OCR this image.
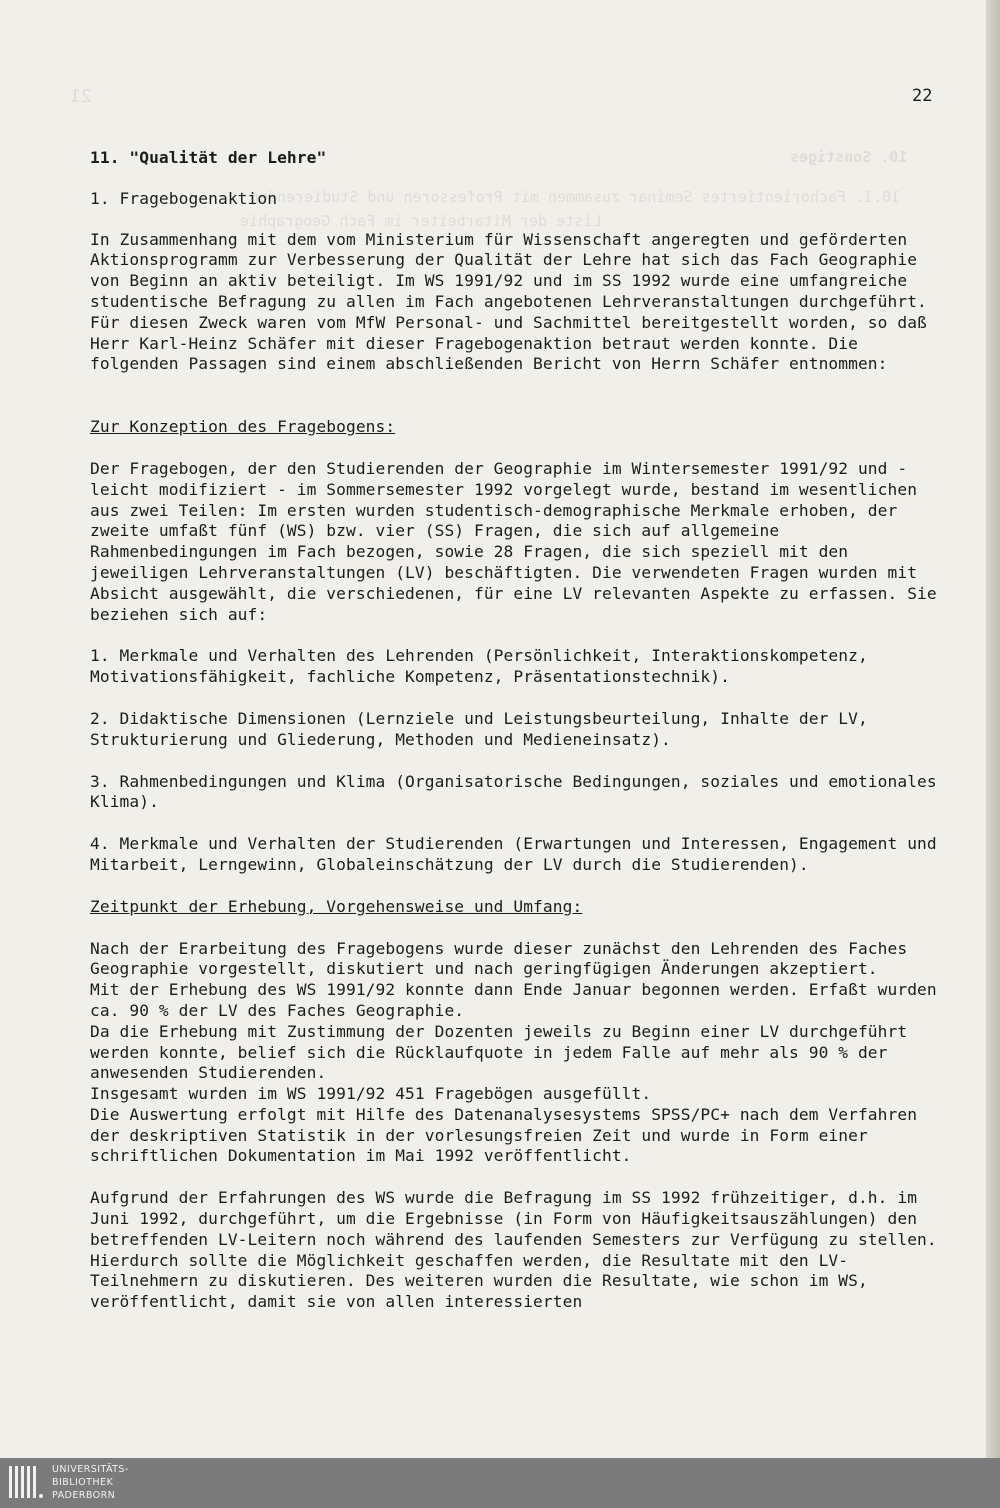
21
10. Sonstiges
10.1. Fachorientiertes Seminar zusammen mit Professoren und Studierenden
Liste der Mitarbeiter im Fach Geographie
22

11. "Qualität der Lehre"

1. Fragebogenaktion

In Zusammenhang mit dem vom Ministerium für Wissenschaft angeregten und geförderten Aktionsprogramm zur Verbesserung der Qualität der Lehre hat sich das Fach Geographie von Beginn an aktiv beteiligt. Im WS 1991/92 und im SS 1992 wurde eine umfangreiche studentische Befragung zu allen im Fach angebotenen Lehrveranstaltungen durchgeführt. Für diesen Zweck waren vom MfW Personal- und Sachmittel bereitgestellt worden, so daß Herr Karl-Heinz Schäfer mit dieser Fragebogenaktion betraut werden konnte. Die folgenden Passagen sind einem abschließenden Bericht von Herrn Schäfer entnommen:

Zur Konzeption des Fragebogens:

Der Fragebogen, der den Studierenden der Geographie im Wintersemester 1991/92 und - leicht modifiziert - im Sommersemester 1992 vorgelegt wurde, bestand im wesentlichen aus zwei Teilen: Im ersten wurden studentisch-demographische Merkmale erhoben, der zweite umfaßt fünf (WS) bzw. vier (SS) Fragen, die sich auf allgemeine Rahmenbedingungen im Fach bezogen, sowie 28 Fragen, die sich speziell mit den jeweiligen Lehrveranstaltungen (LV) beschäftigten. Die verwendeten Fragen wurden mit Absicht ausgewählt, die verschiedenen, für eine LV relevanten Aspekte zu erfassen. Sie beziehen sich auf:

1. Merkmale und Verhalten des Lehrenden (Persönlichkeit, Interaktionskompetenz, Motivationsfähigkeit, fachliche Kompetenz, Präsentationstechnik).

2. Didaktische Dimensionen (Lernziele und Leistungsbeurteilung, Inhalte der LV, Strukturierung und Gliederung, Methoden und Medieneinsatz).

3. Rahmenbedingungen und Klima (Organisatorische Bedingungen, soziales und emotionales Klima).

4. Merkmale und Verhalten der Studierenden (Erwartungen und Interessen, Engagement und Mitarbeit, Lerngewinn, Globaleinschätzung der LV durch die Studierenden).

Zeitpunkt der Erhebung, Vorgehensweise und Umfang:

Nach der Erarbeitung des Fragebogens wurde dieser zunächst den Lehrenden des Faches Geographie vorgestellt, diskutiert und nach geringfügigen Änderungen akzeptiert.

Mit der Erhebung des WS 1991/92 konnte dann Ende Januar begonnen werden. Erfaßt wurden ca. 90 % der LV des Faches Geographie.

Da die Erhebung mit Zustimmung der Dozenten jeweils zu Beginn einer LV durchgeführt werden konnte, belief sich die Rücklaufquote in jedem Falle auf mehr als 90 % der anwesenden Studierenden.

Insgesamt wurden im WS 1991/92 451 Fragebögen ausgefüllt.

Die Auswertung erfolgt mit Hilfe des Datenanalysesystems SPSS/PC+ nach dem Verfahren der deskriptiven Statistik in der vorlesungsfreien Zeit und wurde in Form einer schriftlichen Dokumentation im Mai 1992 veröffentlicht.

Aufgrund der Erfahrungen des WS wurde die Befragung im SS 1992 frühzeitiger, d.h. im Juni 1992, durchgeführt, um die Ergebnisse (in Form von Häufigkeitsauszählungen) den betreffenden LV-Leitern noch während des laufenden Semesters zur Verfügung zu stellen. Hierdurch sollte die Möglichkeit geschaffen werden, die Resultate mit den LV-Teilnehmern zu diskutieren. Des weiteren wurden die Resultate, wie schon im WS, veröffentlicht, damit sie von allen interessierten

UNIVERSITÄTS-
BIBLIOTHEK
PADERBORN
